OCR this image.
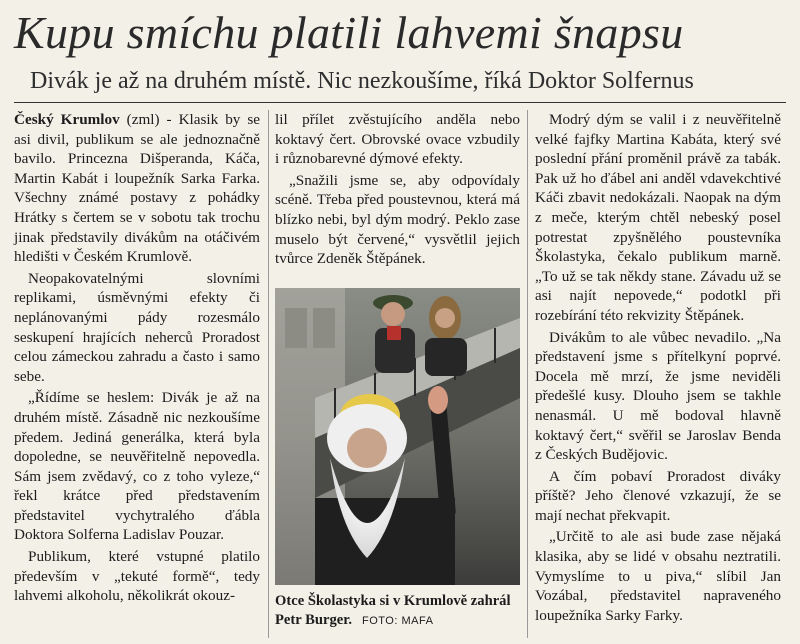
Kupu smíchu platili lahvemi šnapsu
Divák je až na druhém místě. Nic nezkoušíme, říká Doktor Solfernus

Český Krumlov (zml) - Klasik by se asi divil, publikum se ale jednoznačně bavilo. Princezna Dišperanda, Káča, Martin Kabát i loupežník Sarka Farka. Všechny známé postavy z pohádky Hrátky s čertem se v sobotu tak trochu jinak představily divákům na otáčivém hledišti v Českém Krumlově.

Neopakovatelnými slovními replikami, úsměvnými efekty či neplánovanými pády rozesmálo seskupení hrajících neherců Proradost celou zámeckou zahradu a často i samo sebe.

„Řídíme se heslem: Divák je až na druhém místě. Zásadně nic nezkoušíme předem. Jediná generálka, která byla dopoledne, se neuvěřitelně nepovedla. Sám jsem zvědavý, co z toho vyleze,“ řekl krátce před představením představitel vychytralého ďábla Doktora Solferna Ladislav Pouzar.

Publikum, které vstupné platilo především v „tekuté formě“, tedy lahvemi alkoholu, několikrát okouz-

lil přílet zvěstujícího anděla nebo koktavý čert. Obrovské ovace vzbudily i různobarevné dýmové efekty.

„Snažili jsme se, aby odpovídaly scéně. Třeba před poustevnou, která má blízko nebi, byl dým modrý. Peklo zase muselo být červené,“ vysvětlil jejich tvůrce Zdeněk Štěpánek.

Otce Školastyka si v Krumlově zahrál Petr Burger. FOTO: MAFA

Modrý dým se valil i z neuvěřitelně velké fajfky Martina Kabáta, který své poslední přání proměnil právě za tabák. Pak už ho ďábel ani anděl vdavekchtivé Káči zbavit nedokázali. Naopak na dým z meče, kterým chtěl nebeský posel potrestat zpyšnělého poustevníka Školastyka, čekalo publikum marně. „To už se tak někdy stane. Závadu už se asi najít nepovede,“ podotkl při rozebírání této rekvizity Štěpánek.

Divákům to ale vůbec nevadilo. „Na představení jsme s přítelkyní poprvé. Docela mě mrzí, že jsme neviděli předešlé kusy. Dlouho jsem se takhle nenasmál. U mě bodoval hlavně koktavý čert,“ svěřil se Jaroslav Benda z Českých Budějovic.

A čím pobaví Proradost diváky příště? Jeho členové vzkazují, že se mají nechat překvapit.

„Určitě to ale asi bude zase nějaká klasika, aby se lidé v obsahu neztratili. Vymyslíme to u piva,“ slíbil Jan Vozábal, představitel napraveného loupežníka Sarky Farky.
